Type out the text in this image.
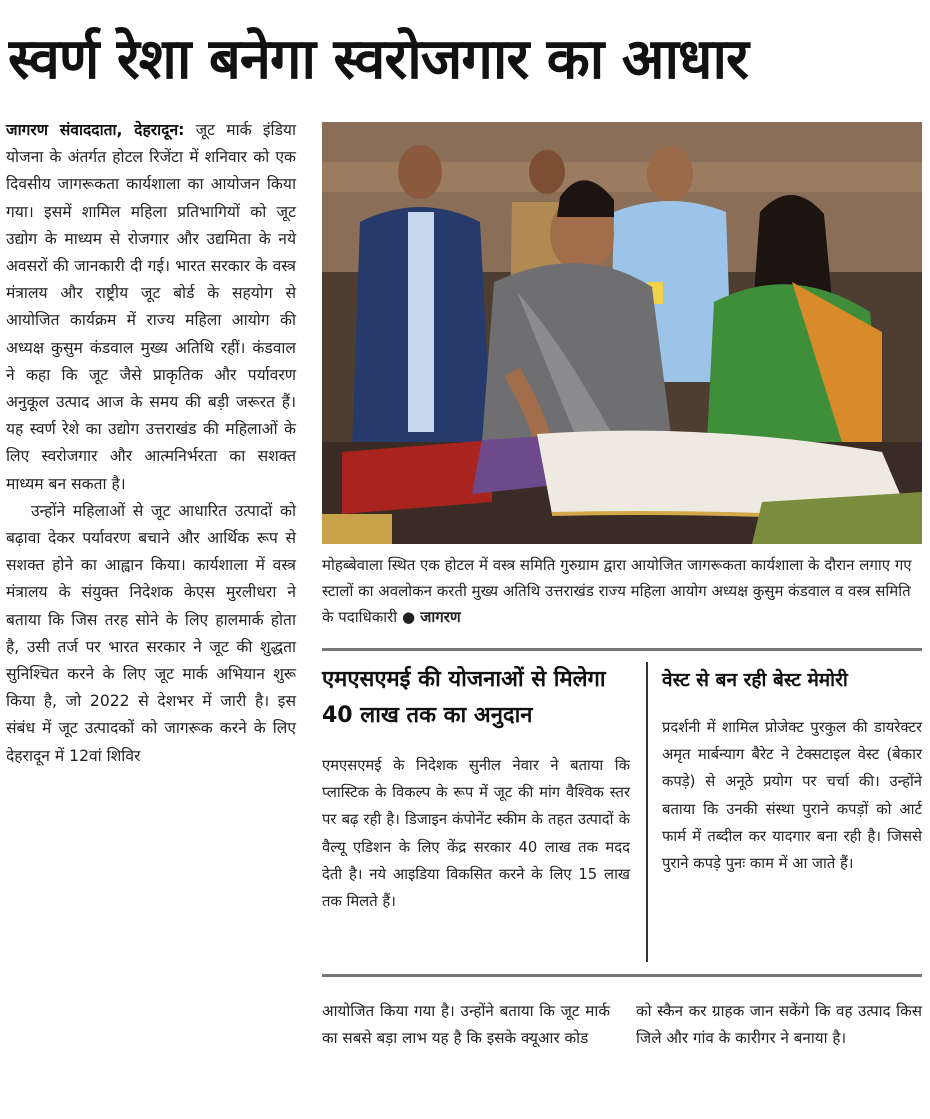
स्वर्ण रेशा बनेगा स्वरोजगार का आधार

जागरण संवाददाता, देहरादून: जूट मार्क इंडिया योजना के अंतर्गत होटल रिजेंटा में शनिवार को एक दिवसीय जागरूकता कार्यशाला का आयोजन किया गया। इसमें शामिल महिला प्रतिभागियों को जूट उद्योग के माध्यम से रोजगार और उद्यमिता के नये अवसरों की जानकारी दी गई। भारत सरकार के वस्त्र मंत्रालय और राष्ट्रीय जूट बोर्ड के सहयोग से आयोजित कार्यक्रम में राज्य महिला आयोग की अध्यक्ष कुसुम कंडवाल मुख्य अतिथि रहीं। कंडवाल ने कहा कि जूट जैसे प्राकृतिक और पर्यावरण अनुकूल उत्पाद आज के समय की बड़ी जरूरत हैं। यह स्वर्ण रेशे का उद्योग उत्तराखंड की महिलाओं के लिए स्वरोजगार और आत्मनिर्भरता का सशक्त माध्यम बन सकता है।

उन्होंने महिलाओं से जूट आधारित उत्पादों को बढ़ावा देकर पर्यावरण बचाने और आर्थिक रूप से सशक्त होने का आह्वान किया। कार्यशाला में वस्त्र मंत्रालय के संयुक्त निदेशक केएस मुरलीधरा ने बताया कि जिस तरह सोने के लिए हालमार्क होता है, उसी तर्ज पर भारत सरकार ने जूट की शुद्धता सुनिश्चित करने के लिए जूट मार्क अभियान शुरू किया है, जो 2022 से देशभर में जारी है। इस संबंध में जूट उत्पादकों को जागरूक करने के लिए देहरादून में 12वां शिविर

मोहब्बेवाला स्थित एक होटल में वस्त्र समिति गुरुग्राम द्वारा आयोजित जागरूकता कार्यशाला के दौरान लगाए गए स्टालों का अवलोकन करती मुख्य अतिथि उत्तराखंड राज्य महिला आयोग अध्यक्ष कुसुम कंडवाल व वस्त्र समिति के पदाधिकारी ● जागरण
एमएसएमई की योजनाओं से मिलेगा 40 लाख तक का अनुदान
एमएसएमई के निदेशक सुनील नेवार ने बताया कि प्लास्टिक के विकल्प के रूप में जूट की मांग वैश्विक स्तर पर बढ़ रही है। डिजाइन कंपोनेंट स्कीम के तहत उत्पादों के वैल्यू एडिशन के लिए केंद्र सरकार 40 लाख तक मदद देती है। नये आइडिया विकसित करने के लिए 15 लाख तक मिलते हैं।
वेस्ट से बन रही बेस्ट मेमोरी
प्रदर्शनी में शामिल प्रोजेक्ट पुरकुल की डायरेक्टर अमृत मार्बन्याग बैरेट ने टेक्सटाइल वेस्ट (बेकार कपड़े) से अनूठे प्रयोग पर चर्चा की। उन्होंने बताया कि उनकी संस्था पुराने कपड़ों को आर्ट फार्म में तब्दील कर यादगार बना रही है। जिससे पुराने कपड़े पुनः काम में आ जाते हैं।
आयोजित किया गया है। उन्होंने बताया कि जूट मार्क का सबसे बड़ा लाभ यह है कि इसके क्यूआर कोड
को स्कैन कर ग्राहक जान सकेंगे कि वह उत्पाद किस जिले और गांव के कारीगर ने बनाया है।
